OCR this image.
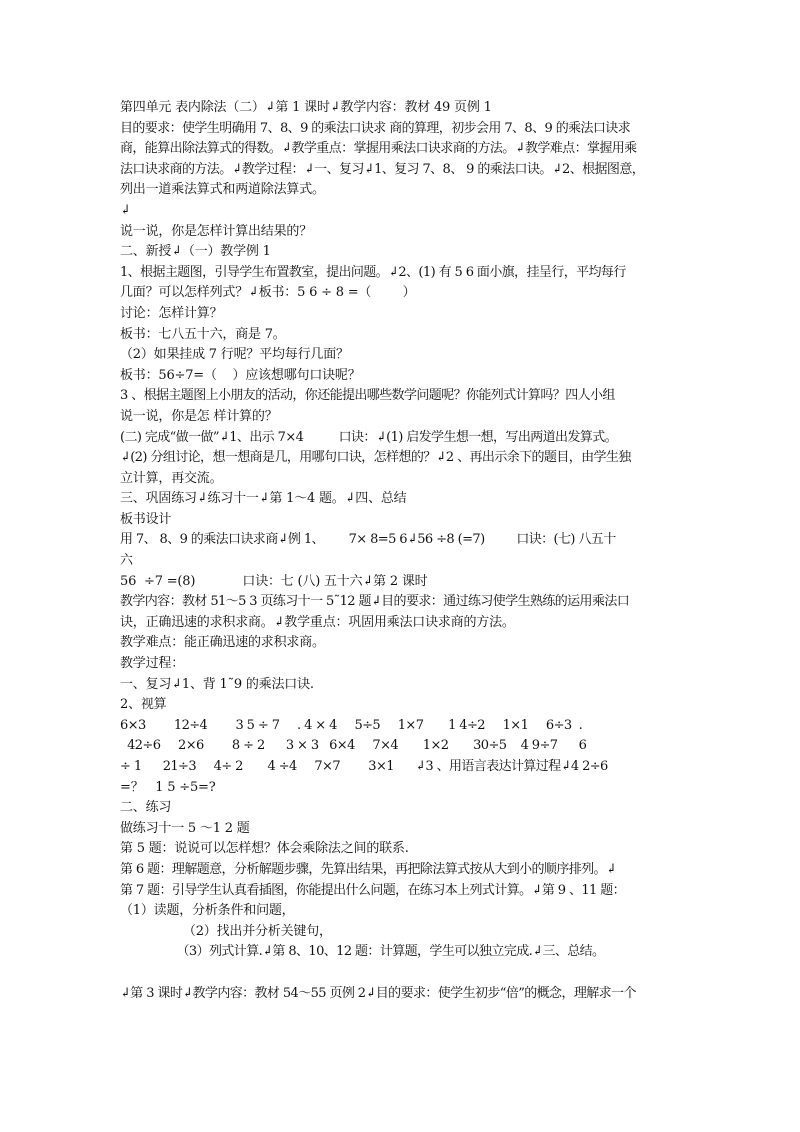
第四单元 表内除法（二）↲第 1 课时↲教学内容：教材 49 页例 1
目的要求：使学生明确用 7、8、9 的乘法口诀求 商的算理，初步会用 7、8、9 的乘法口诀求
商，能算出除法算式的得数。↲教学重点：掌握用乘法口诀求商的方法。↲教学难点：掌握用乘
法口诀求商的方法。↲教学过程：↲一、复习↲1、复习 7、8、 9 的乘法口诀。↲2、根据图意，
列出一道乘法算式和两道除法算式。
↲
说一说，你是怎样计算出结果的？
二、新授↲（一）教学例 1
1、根据主题图，引导学生布置教室，提出问题。↲2、(1) 有 5 6 面小旗，挂呈行，平均每行
几面？可以怎样列式？↲板书：5 6 ÷ 8 =（        ）
讨论：怎样计算？
板书：七八五十六，商是 7。
（2）如果挂成 7 行呢？平均每行几面？
板书：56÷7=（    ）应该想哪句口诀呢？
3 、根据主题图上小朋友的活动，你还能提出哪些数学问题呢？你能列式计算吗？四人小组
说一说，你是怎 样计算的？
(二) 完成“做一做”↲1、出示 7×4          口诀：↲(1) 启发学生想一想，写出两道出发算式。
↲(2) 分组讨论，想一想商是几，用哪句口诀，怎样想的？↲2 、再出示余下的题目，由学生独
立计算，再交流。
三、巩固练习↲练习十一↲第 1～4 题。↲四、总结
板书设计
用 7、 8、9 的乘法口诀求商↲例 1、       7× 8=5 6↲56 ÷8 (=7)         口诀：(七) 八五十
六
56  ÷7 =(8)            口诀：七 (八) 五十六↲第 2 课时
教学内容：教材 51～5 3 页练习十一 5˜12 题↲目的要求：通过练习使学生熟练的运用乘法口
诀，正确迅速的求积求商。↲教学重点：巩固用乘法口诀求商的方法。
教学难点：能正确迅速的求积求商。
教学过程：
一、复习↲1、背 1˜9 的乘法口诀.
2、视算
6×3        12÷4        3 5 ÷ 7     . 4 × 4     5÷5     1×7       1 4÷2     1×1     6÷3  .
42÷6     2×6        8 ÷ 2      3 × 3   6×4     7×4       1×2       30÷5    4 9÷7      6
÷ 1      21÷3     4÷ 2       4 ÷4     7×7        3×1      ↲3 、用语言表达计算过程↲4 2÷6
=？   1 5 ÷5=?
二、练习
做练习十一 5 ～1 2 题
第 5 题：说说可以怎样想？体会乘除法之间的联系.
第 6 题：理解题意，分析解题步骤，先算出结果，再把除法算式按从大到小的顺序排列。↲
第 7 题：引导学生认真看插图，你能提出什么问题，在练习本上列式计算。↲第 9 、11 题：
（1）读题，分析条件和问题，
（2）找出并分析关键句，
（3）列式计算.↲第 8、10、12 题：计算题，学生可以独立完成.↲三、总结。
↲第 3 课时↲教学内容：教材 54～55 页例 2↲目的要求：使学生初步“倍”的概念，理解求一个
